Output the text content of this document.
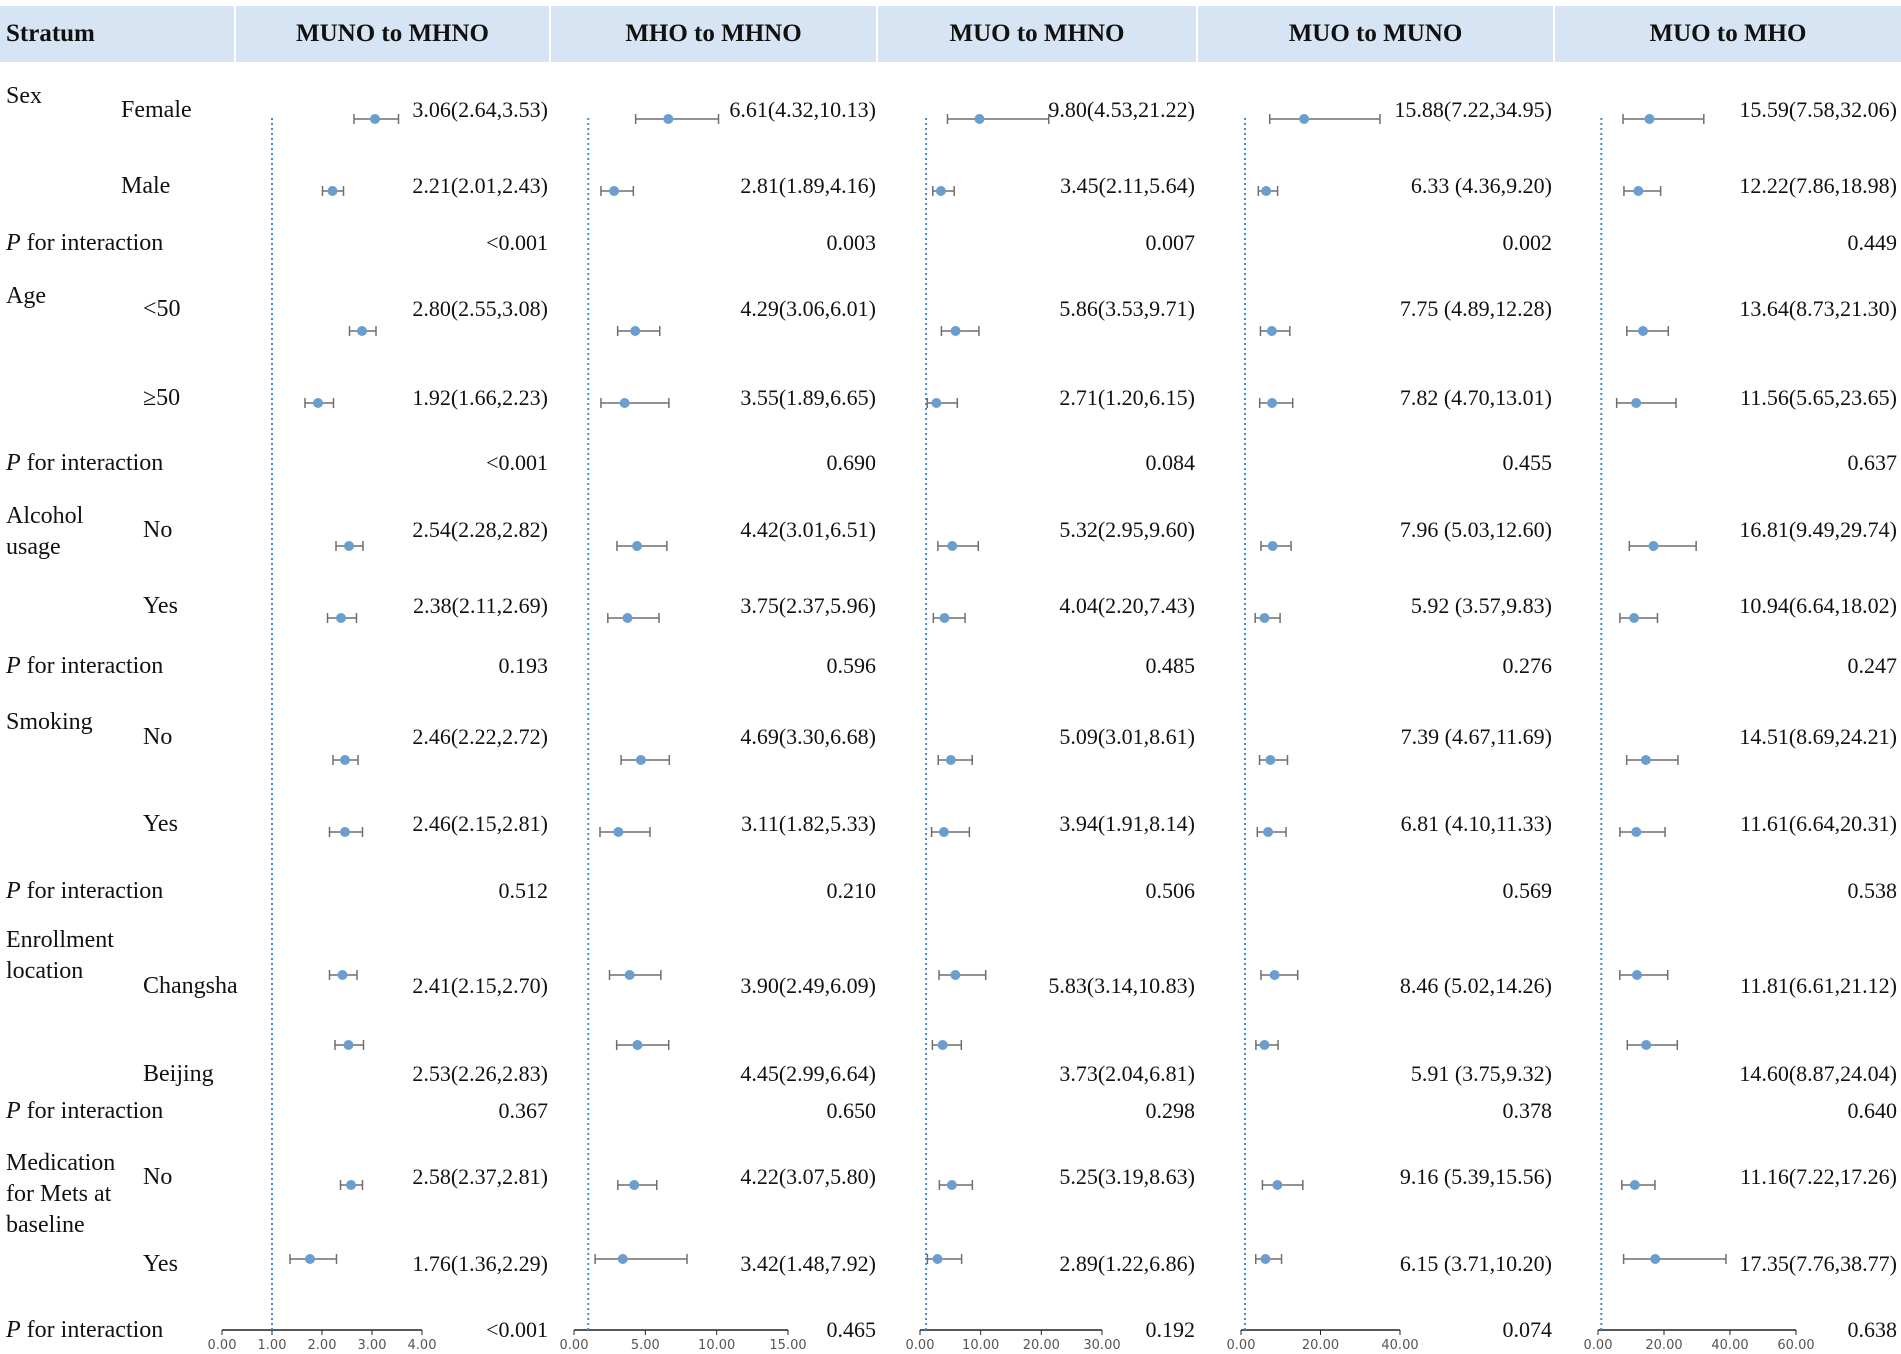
Stratum	MUNO to MHNO	MHO to MHNO	MUO to MHNO	MUO to MUNO	MUO to MHO
0.00 1.00 2.00 3.00 4.00	0.00	5.00	10.00	15.00	0.00 10.00 20.00 30.00	0.00	20.00	40.00	0.00	20.00 40.00 60.00
Sex
Female	3.06(2.64,3.53)	6.61(4.32,10.13)	9.80(4.53,21.22)	15.88(7.22,34.95)	15.59(7.58,32.06)
Male	2.21(2.01,2.43)	2.81(1.89,4.16)	3.45(2.11,5.64)	6.33 (4.36,9.20)	12.22(7.86,18.98)
P for interaction	<0.001	0.003	0.007	0.002	0.449
Age	<50	2.80(2.55,3.08)	4.29(3.06,6.01)	5.86(3.53,9.71)	7.75 (4.89,12.28)	13.64(8.73,21.30)
≥50	1.92(1.66,2.23)	3.55(1.89,6.65)	2.71(1.20,6.15)	7.82 (4.70,13.01)	11.56(5.65,23.65)
P for interaction	<0.001	0.690	0.084	0.455	0.637
Alcohol
usage
No	2.54(2.28,2.82)	4.42(3.01,6.51)	5.32(2.95,9.60)	7.96 (5.03,12.60)	16.81(9.49,29.74)
Yes	2.38(2.11,2.69)	3.75(2.37,5.96)	4.04(2.20,7.43)	5.92 (3.57,9.83)	10.94(6.64,18.02)
P for interaction	0.193	0.596	0.485	0.276	0.247
Smoking
No	2.46(2.22,2.72)	4.69(3.30,6.68)	5.09(3.01,8.61)	7.39 (4.67,11.69)	14.51(8.69,24.21)
Yes	2.46(2.15,2.81)	3.11(1.82,5.33)	3.94(1.91,8.14)	6.81 (4.10,11.33)	11.61(6.64,20.31)
P for interaction	0.512	0.210	0.506	0.569	0.538
Enrollment
location
Changsha	2.41(2.15,2.70)	3.90(2.49,6.09)	5.83(3.14,10.83)	8.46 (5.02,14.26)	11.81(6.61,21.12)
Beijing	2.53(2.26,2.83)	4.45(2.99,6.64)	3.73(2.04,6.81)	5.91 (3.75,9.32)	14.60(8.87,24.04)
P for interaction	0.367	0.650	0.298	0.378	0.640
Medication
for Mets at
baseline
No	2.58(2.37,2.81)	4.22(3.07,5.80)	5.25(3.19,8.63)	9.16 (5.39,15.56)	11.16(7.22,17.26)
Yes	1.76(1.36,2.29)	3.42(1.48,7.92)	2.89(1.22,6.86)	6.15 (3.71,10.20)	17.35(7.76,38.77)
P for interaction	<0.001	0.465	0.192	0.074	0.638
